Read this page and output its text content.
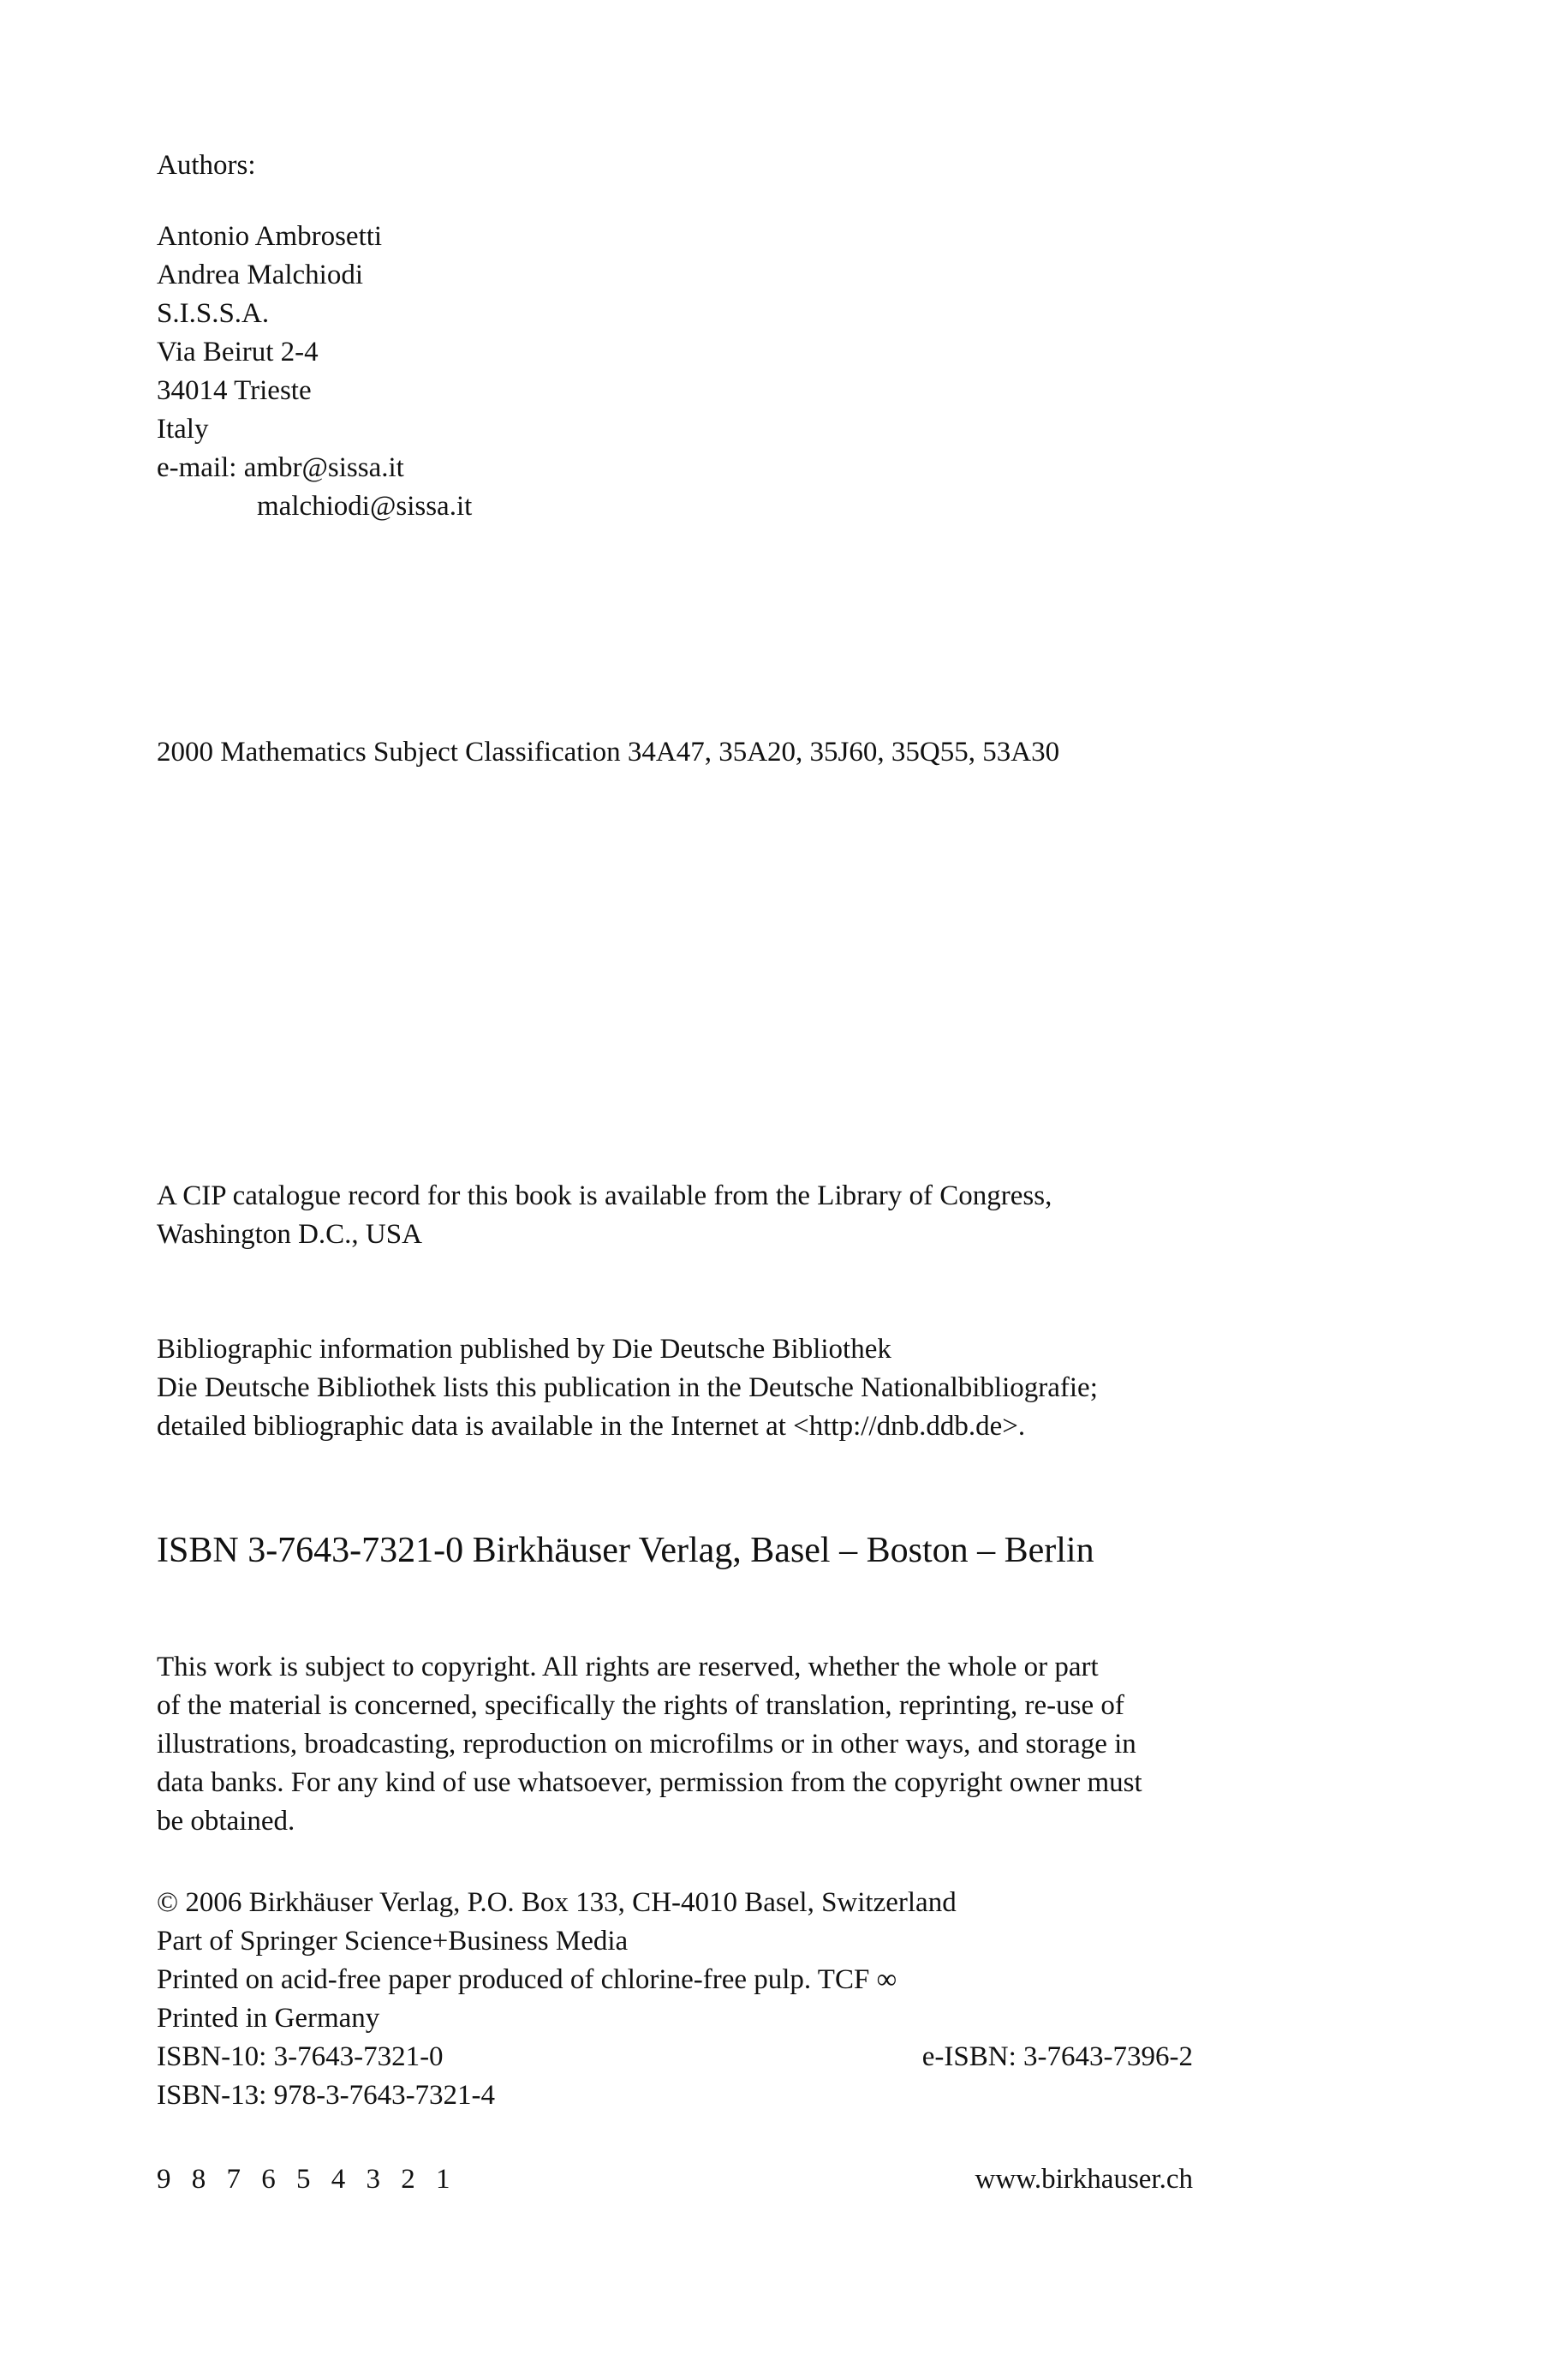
Authors:
Antonio Ambrosetti
Andrea Malchiodi
S.I.S.S.A.
Via Beirut 2-4
34014 Trieste
Italy
e-mail: ambr@sissa.it
malchiodi@sissa.it
2000 Mathematics Subject Classification 34A47, 35A20, 35J60, 35Q55, 53A30
A CIP catalogue record for this book is available from the Library of Congress,
Washington D.C., USA
Bibliographic information published by Die Deutsche Bibliothek
Die Deutsche Bibliothek lists this publication in the Deutsche Nationalbibliografie;
detailed bibliographic data is available in the Internet at <http://dnb.ddb.de>.
ISBN 3-7643-7321-0 Birkhäuser Verlag, Basel – Boston – Berlin
This work is subject to copyright. All rights are reserved, whether the whole or part
of the material is concerned, specifically the rights of translation, reprinting, re-use of
illustrations, broadcasting, reproduction on microfilms or in other ways, and storage in
data banks. For any kind of use whatsoever, permission from the copyright owner must
be obtained.
© 2006 Birkhäuser Verlag, P.O. Box 133, CH-4010 Basel, Switzerland
Part of Springer Science+Business Media
Printed on acid-free paper produced of chlorine-free pulp. TCF ∞
Printed in Germany
ISBN-10: 3-7643-7321-0	e-ISBN: 3-7643-7396-2
ISBN-13: 978-3-7643-7321-4
9 8 7 6 5 4 3 2 1	www.birkhauser.ch
